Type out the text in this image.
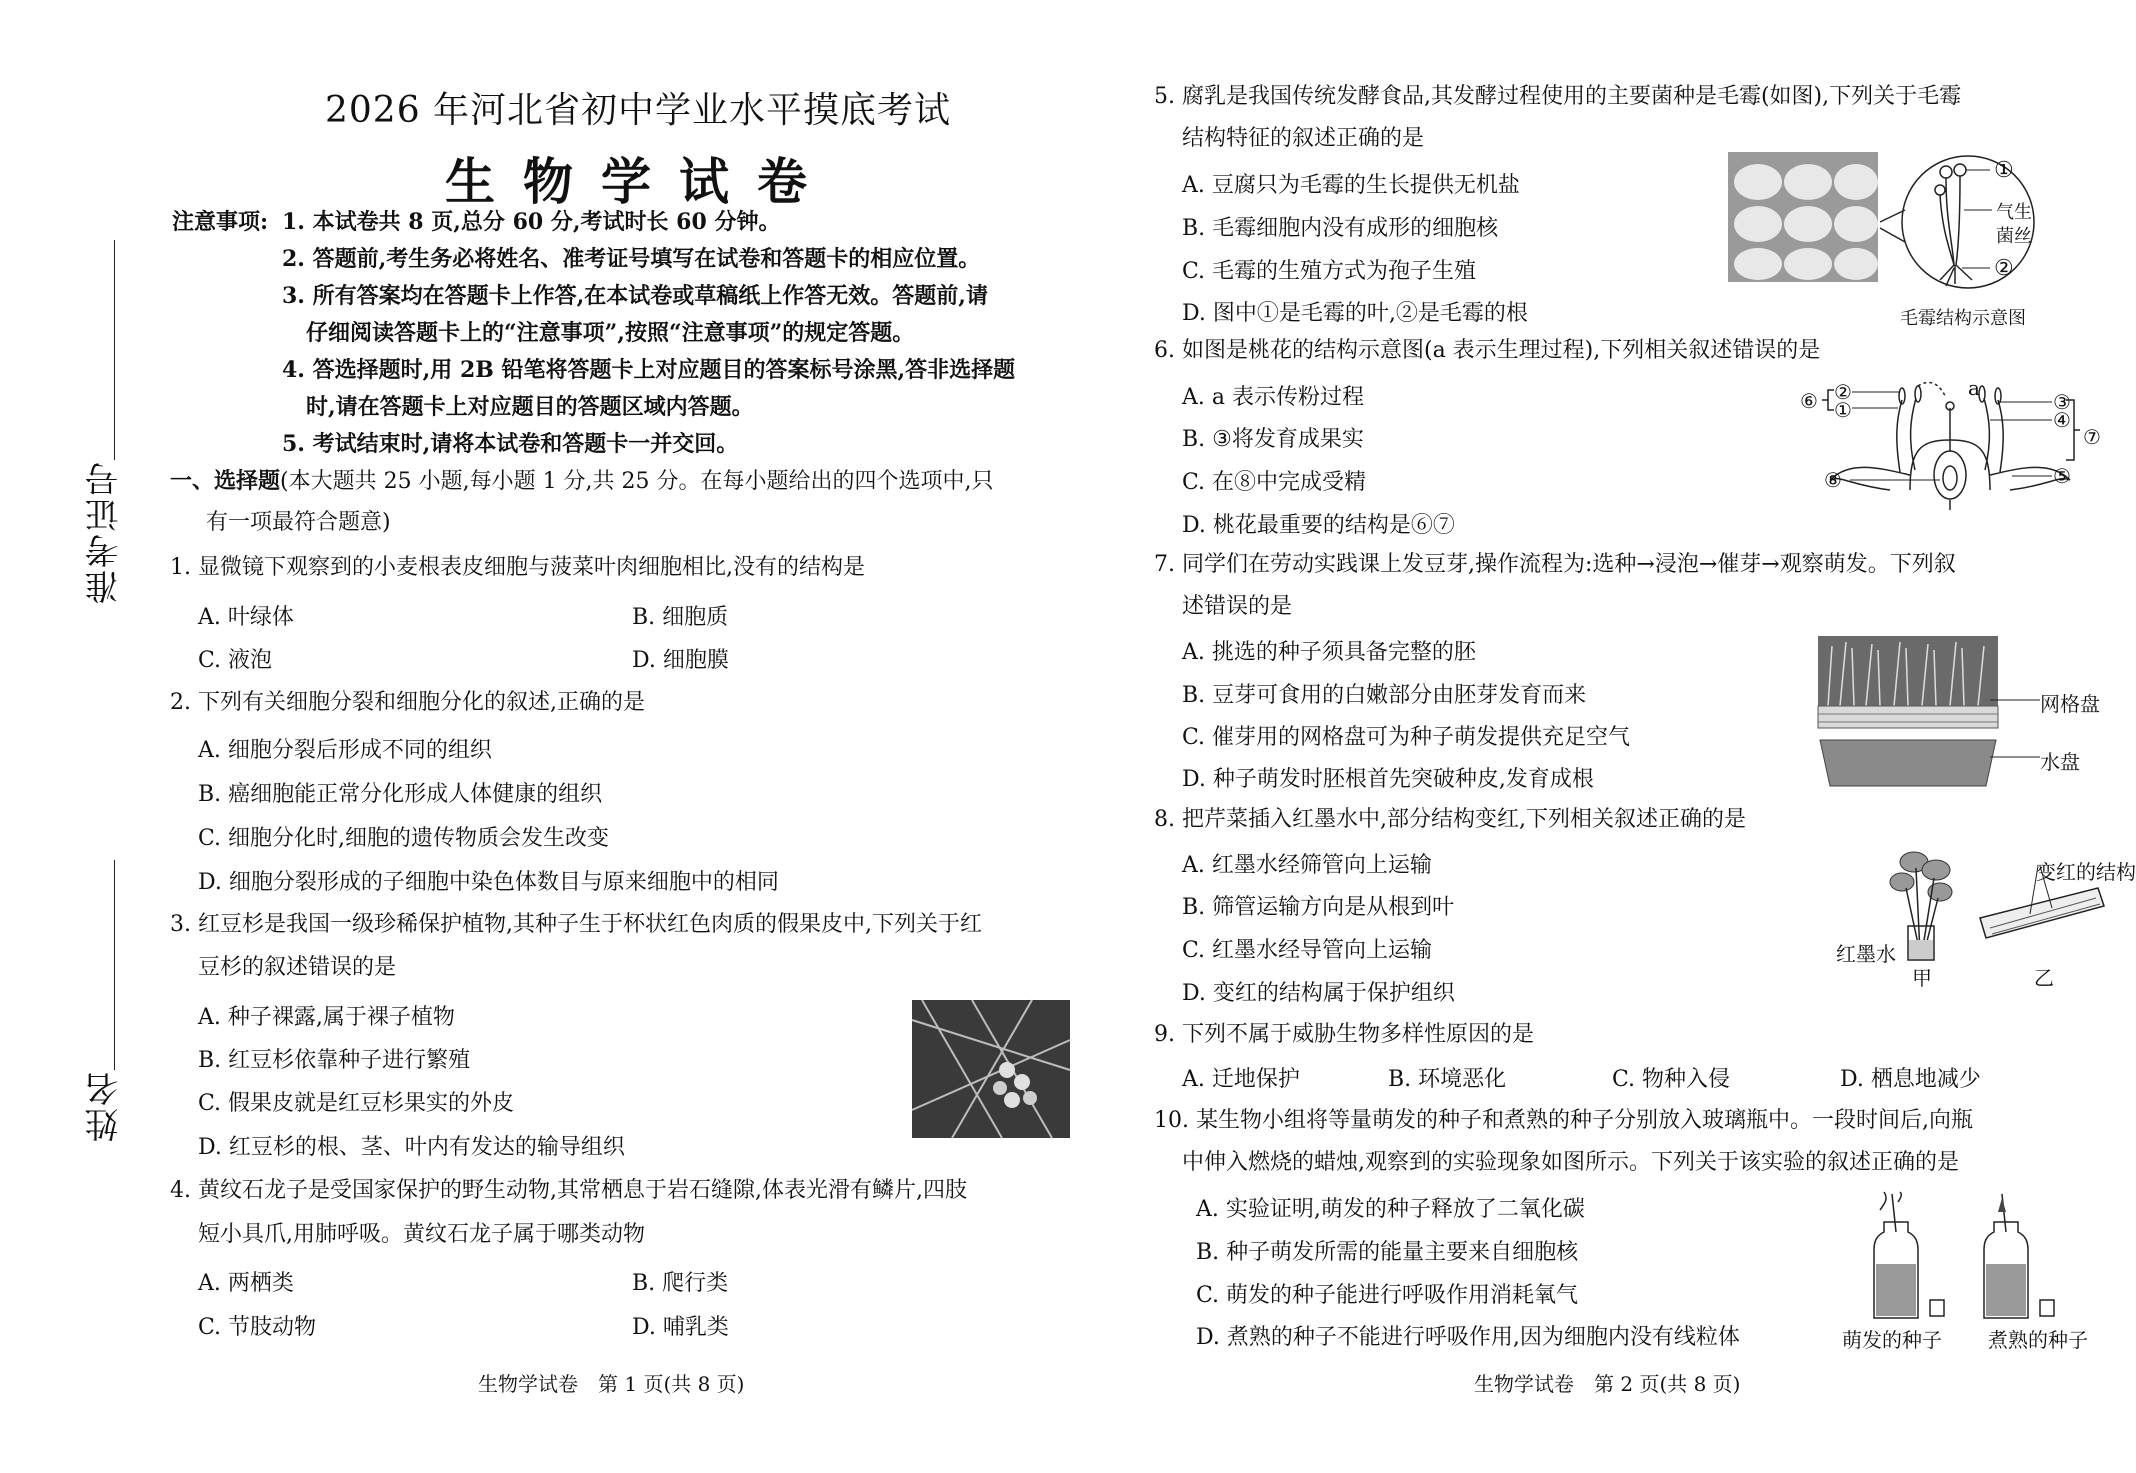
准考证号
姓名
2026 年河北省初中学业水平摸底考试
生物学试卷
注意事项: 1. 本试卷共 8 页,总分 60 分,考试时长 60 分钟。
2. 答题前,考生务必将姓名、准考证号填写在试卷和答题卡的相应位置。
3. 所有答案均在答题卡上作答,在本试卷或草稿纸上作答无效。答题前,请
仔细阅读答题卡上的“注意事项”,按照“注意事项”的规定答题。
4. 答选择题时,用 2B 铅笔将答题卡上对应题目的答案标号涂黑,答非选择题
时,请在答题卡上对应题目的答题区域内答题。
5. 考试结束时,请将本试卷和答题卡一并交回。
一、选择题(本大题共 25 小题,每小题 1 分,共 25 分。在每小题给出的四个选项中,只
有一项最符合题意)
1. 显微镜下观察到的小麦根表皮细胞与菠菜叶肉细胞相比,没有的结构是
A. 叶绿体	B. 细胞质
C. 液泡	D. 细胞膜
2. 下列有关细胞分裂和细胞分化的叙述,正确的是
A. 细胞分裂后形成不同的组织
B. 癌细胞能正常分化形成人体健康的组织
C. 细胞分化时,细胞的遗传物质会发生改变
D. 细胞分裂形成的子细胞中染色体数目与原来细胞中的相同
3. 红豆杉是我国一级珍稀保护植物,其种子生于杯状红色肉质的假果皮中,下列关于红
豆杉的叙述错误的是
A. 种子裸露,属于裸子植物
B. 红豆杉依靠种子进行繁殖
C. 假果皮就是红豆杉果实的外皮
D. 红豆杉的根、茎、叶内有发达的输导组织
4. 黄纹石龙子是受国家保护的野生动物,其常栖息于岩石缝隙,体表光滑有鳞片,四肢
短小具爪,用肺呼吸。黄纹石龙子属于哪类动物
A. 两栖类	B. 爬行类
C. 节肢动物	D. 哺乳类
生物学试卷　第 1 页(共 8 页)
5. 腐乳是我国传统发酵食品,其发酵过程使用的主要菌种是毛霉(如图),下列关于毛霉
结构特征的叙述正确的是
A. 豆腐只为毛霉的生长提供无机盐
B. 毛霉细胞内没有成形的细胞核
C. 毛霉的生殖方式为孢子生殖
D. 图中①是毛霉的叶,②是毛霉的根
①
②
气生
菌丝
毛霉结构示意图
6. 如图是桃花的结构示意图(a 表示生理过程),下列相关叙述错误的是
A. a 表示传粉过程
B. ③将发育成果实
C. 在⑧中完成受精
D. 桃花最重要的结构是⑥⑦
②
①
⑥
a
③
④
⑦
⑤
⑧
7. 同学们在劳动实践课上发豆芽,操作流程为:选种→浸泡→催芽→观察萌发。下列叙
述错误的是
A. 挑选的种子须具备完整的胚
B. 豆芽可食用的白嫩部分由胚芽发育而来
C. 催芽用的网格盘可为种子萌发提供充足空气
D. 种子萌发时胚根首先突破种皮,发育成根
网格盘
水盘
8. 把芹菜插入红墨水中,部分结构变红,下列相关叙述正确的是
A. 红墨水经筛管向上运输
B. 筛管运输方向是从根到叶
C. 红墨水经导管向上运输
D. 变红的结构属于保护组织
变红的结构
红墨水
甲	乙
9. 下列不属于威胁生物多样性原因的是
A. 迁地保护	B. 环境恶化	C. 物种入侵	D. 栖息地减少
10. 某生物小组将等量萌发的种子和煮熟的种子分别放入玻璃瓶中。一段时间后,向瓶
中伸入燃烧的蜡烛,观察到的实验现象如图所示。下列关于该实验的叙述正确的是
A. 实验证明,萌发的种子释放了二氧化碳
B. 种子萌发所需的能量主要来自细胞核
C. 萌发的种子能进行呼吸作用消耗氧气
D. 煮熟的种子不能进行呼吸作用,因为细胞内没有线粒体	萌发的种子 煮熟的种子
生物学试卷　第 2 页(共 8 页)
